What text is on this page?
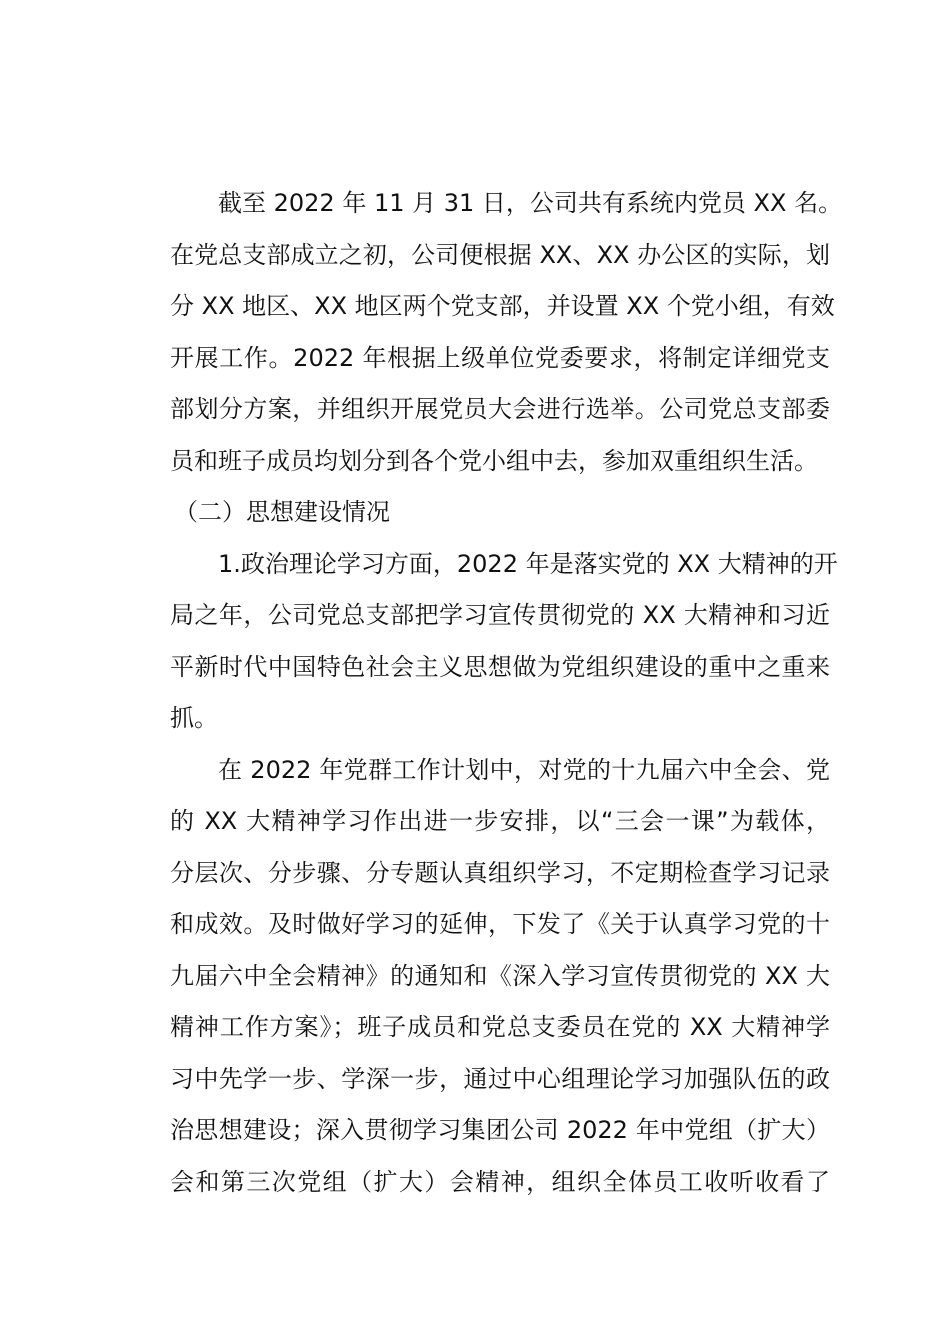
截至 2022 年 11 月 31 日，公司共有系统内党员 XX 名。
在党总支部成立之初，公司便根据 XX、XX 办公区的实际，划
分 XX 地区、XX 地区两个党支部，并设置 XX 个党小组，有效
开展工作。2022 年根据上级单位党委要求，将制定详细党支
部划分方案，并组织开展党员大会进行选举。公司党总支部委
员和班子成员均划分到各个党小组中去，参加双重组织生活。
（二）思想建设情况
1.政治理论学习方面，2022 年是落实党的 XX 大精神的开
局之年，公司党总支部把学习宣传贯彻党的 XX 大精神和习近
平新时代中国特色社会主义思想做为党组织建设的重中之重来
抓。
在 2022 年党群工作计划中，对党的十九届六中全会、党
的 XX 大精神学习作出进一步安排，以“三会一课”为载体，
分层次、分步骤、分专题认真组织学习，不定期检查学习记录
和成效。及时做好学习的延伸，下发了《关于认真学习党的十
九届六中全会精神》的通知和《深入学习宣传贯彻党的 XX 大
精神工作方案》；班子成员和党总支委员在党的 XX 大精神学
习中先学一步、学深一步，通过中心组理论学习加强队伍的政
治思想建设；深入贯彻学习集团公司 2022 年中党组（扩大）
会和第三次党组（扩大）会精神，组织全体员工收听收看了
